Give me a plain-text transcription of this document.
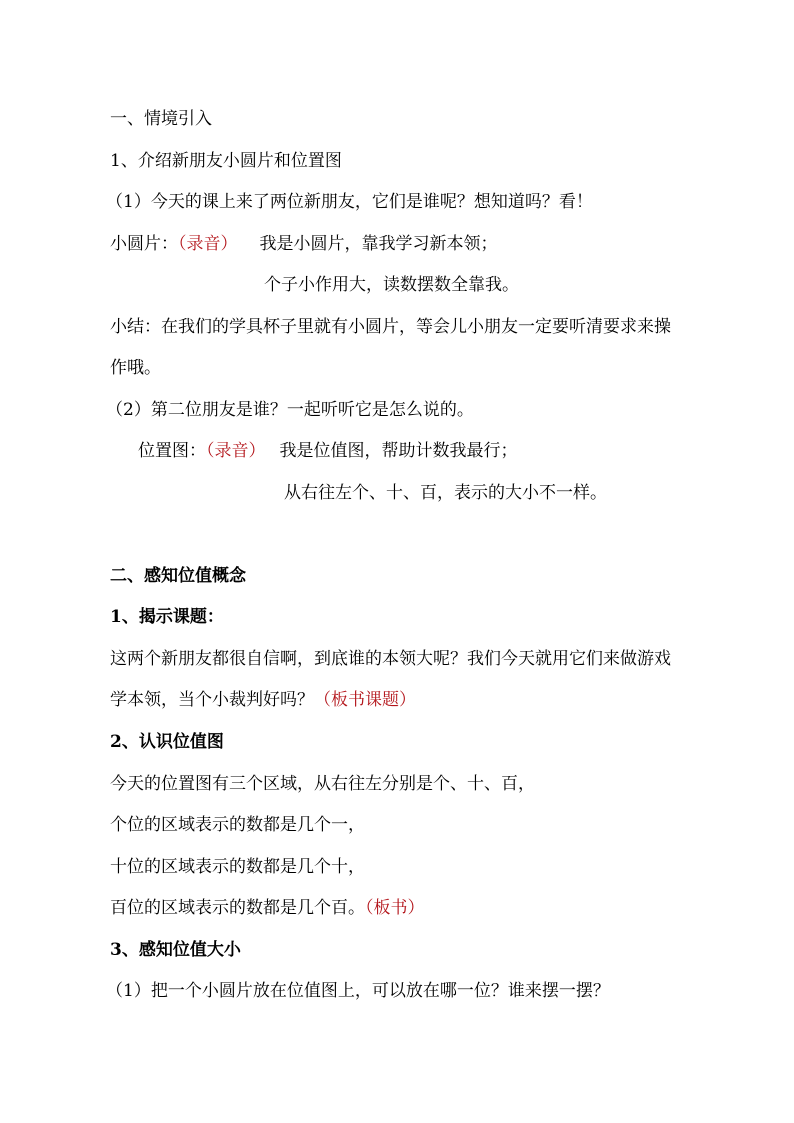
一、情境引入

1、介绍新朋友小圆片和位置图

（1）今天的课上来了两位新朋友，它们是谁呢？想知道吗？看！

小圆片：（录音） 我是小圆片，靠我学习新本领；

个子小作用大，读数摆数全靠我。

小结：在我们的学具杯子里就有小圆片，等会儿小朋友一定要听清要求来操

作哦。

（2）第二位朋友是谁？一起听听它是怎么说的。

位置图：（录音） 我是位值图，帮助计数我最行；

从右往左个、十、百，表示的大小不一样。

二、感知位值概念

1、揭示课题：

这两个新朋友都很自信啊，到底谁的本领大呢？我们今天就用它们来做游戏

学本领，当个小裁判好吗？（板书课题）

2、认识位值图

今天的位置图有三个区域，从右往左分别是个、十、百，

个位的区域表示的数都是几个一，

十位的区域表示的数都是几个十，

百位的区域表示的数都是几个百。（板书）

3、感知位值大小

（1）把一个小圆片放在位值图上，可以放在哪一位？谁来摆一摆？
